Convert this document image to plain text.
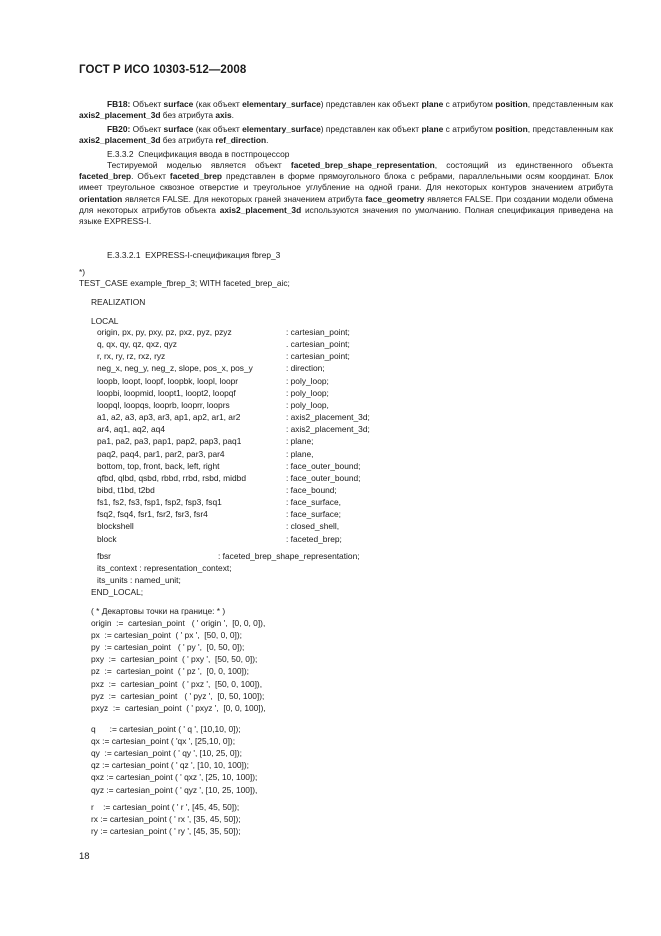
ГОСТ Р ИСО 10303-512—2008
FB18: Объект surface (как объект elementary_surface) представлен как объект plane с атрибутом position, представленным как axis2_placement_3d без атрибута axis.
FB20: Объект surface (как объект elementary_surface) представлен как объект plane с атрибутом position, представленным как axis2_placement_3d без атрибута ref_direction.
E.3.3.2  Спецификация ввода в постпроцессор
Тестируемой моделью является объект faceted_brep_shape_representation, состоящий из единственного объекта faceted_brep. Объект faceted_brep представлен в форме прямоугольного блока с ребрами, параллельными осям координат. Блок имеет треугольное сквозное отверстие и треугольное углубление на одной грани. Для некоторых контуров значением атрибута orientation является FALSE. Для некоторых граней значением атрибута face_geometry является FALSE. При создании модели обмена для некоторых атрибутов объекта axis2_placement_3d используются значения по умолчанию. Полная спецификация приведена на языке EXPRESS-I.
E.3.3.2.1  EXPRESS-I-спецификация fbrep_3
*)
TEST_CASE example_fbrep_3; WITH faceted_brep_aic;
REALIZATION
LOCAL
origin, px, py, pxy, pz, pxz, pyz, pzyz	: cartesian_point;
q, qx, qy, qz, qxz, qyz	. cartesian_point;
r, rx, ry, rz, rxz, ryz	: cartesian_point;
neg_x, neg_y, neg_z, slope, pos_x, pos_y	: direction;
loopb, loopt, loopf, loopbk, loopl, loopr	: poly_loop;
loopbi, loopmid, loopt1, loopt2, loopqf	: poly_loop;
loopql, loopqs, looprb, looprr, looprs	: poly_loop,
a1, a2, a3, ap3, ar3, ap1, ap2, ar1, ar2	: axis2_placement_3d;
ar4, aq1, aq2, aq4	: axis2_placement_3d;
pa1, pa2, pa3, pap1, pap2, pap3, paq1	: plane;
paq2, paq4, par1, par2, par3, par4	: plane,
bottom, top, front, back, left, right	: face_outer_bound;
qfbd, qlbd, qsbd, rbbd, rrbd, rsbd, midbd	: face_outer_bound;
bibd, t1bd, t2bd	: face_bound;
fs1, fs2, fs3, fsp1, fsp2, fsp3, fsq1	: face_surface,
fsq2, fsq4, fsr1, fsr2, fsr3, fsr4	: face_surface;
blockshell	: closed_shell,
block	: faceted_brep;
fbsr	: faceted_brep_shape_representation;
its_context : representation_context;
its_units : named_unit;
END_LOCAL;
( * Декартовы точки на границе: * )
origin  :=  cartesian_point   ( ' origin ',  [0, 0, 0]),
px  := cartesian_point  ( ' px ',  [50, 0, 0]);
py  := cartesian_point   ( ' py ',  [0, 50, 0]);
pxy  :=  cartesian_point  ( ' pxy ',  [50, 50, 0]);
pz  :=  cartesian_point  ( ' pz ',  [0, 0, 100]);
pxz  :=  cartesian_point  ( ' pxz ',  [50, 0, 100]),
pyz  :=  cartesian_point   ( ' pyz ',  [0, 50, 100]);
pxyz  :=  cartesian_point  ( ' pxyz ',  [0, 0, 100]),
q      := cartesian_point ( ' q ', [10,10, 0]);
qx := cartesian_point ( 'qx ', [25,10, 0]);
qy  := cartesian_point ( ' qy ', [10, 25, 0]);
qz := cartesian_point ( ' qz ', [10, 10, 100]);
qxz := cartesian_point ( ' qxz ', [25, 10, 100]);
qyz := cartesian_point ( ' qyz ', [10, 25, 100]),
r    := cartesian_point ( ' r ', [45, 45, 50]);
rx := cartesian_point ( ' rx ', [35, 45, 50]);
ry := cartesian_point ( ' ry ', [45, 35, 50]);
18
